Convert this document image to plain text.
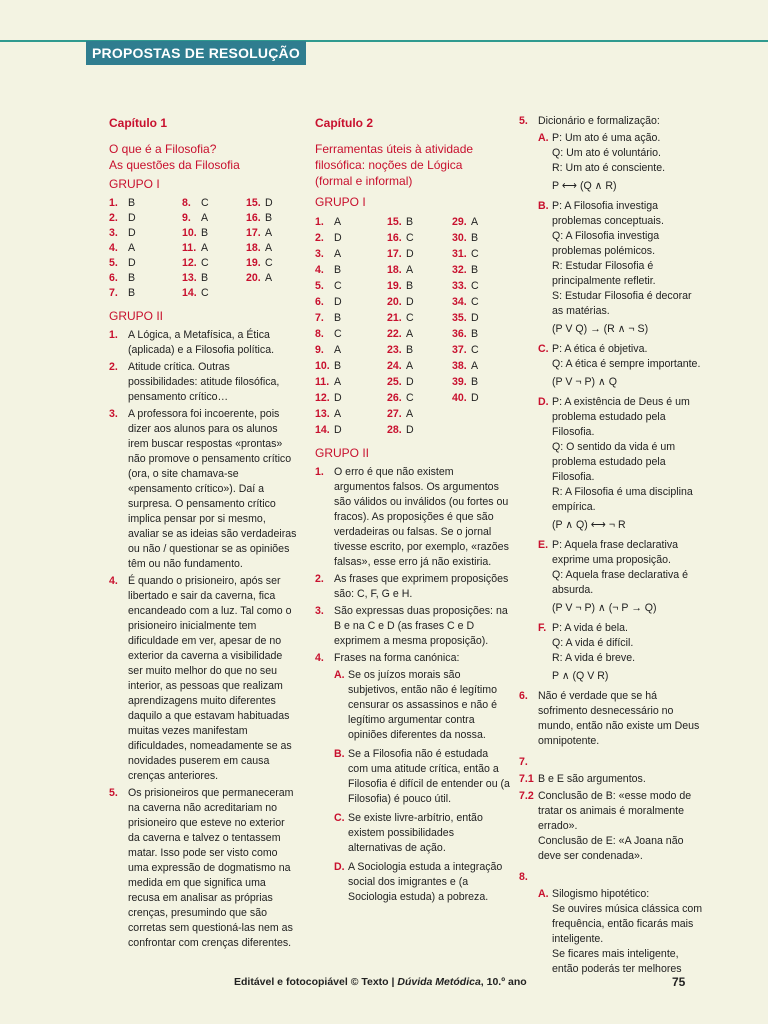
PROPOSTAS DE RESOLUÇÃO
Capítulo 1
O que é a Filosofia?
As questões da Filosofia
GRUPO I
1. B
2. D
3. D
4. A
5. D
6. B
7. B
8. C
9. A
10. B
11. A
12. C
13. B
14. C
15. D
16. B
17. A
18. A
19. C
20. A
GRUPO II
1. A Lógica, a Metafísica, a Ética (aplicada) e a Filosofia política.
2. Atitude crítica. Outras possibilidades: atitude filosófica, pensamento crítico…
3. A professora foi incoerente, pois dizer aos alunos para os alunos irem buscar respostas «prontas» não promove o pensamento crítico (ora, o site chamava-se «pensamento crítico»). Daí a surpresa. O pensamento crítico implica pensar por si mesmo, avaliar se as ideias são verdadeiras ou não / questionar se as opiniões têm ou não fundamento.
4. É quando o prisioneiro, após ser libertado e sair da caverna, fica encandeado com a luz. Tal como o prisioneiro inicialmente tem dificuldade em ver, apesar de no exterior da caverna a visibilidade ser muito melhor do que no seu interior, as pessoas que realizam aprendizagens muito diferentes daquilo a que estavam habituadas muitas vezes manifestam dificuldades, nomeadamente se as novidades puserem em causa crenças anteriores.
5. Os prisioneiros que permaneceram na caverna não acreditariam no prisioneiro que esteve no exterior da caverna e talvez o tentassem matar. Isso pode ser visto como uma expressão de dogmatismo na medida em que significa uma recusa em analisar as próprias crenças, presumindo que são corretas sem questioná-las nem as confrontar com crenças diferentes.
Capítulo 2
Ferramentas úteis à atividade filosófica: noções de Lógica (formal e informal)
GRUPO I
1. A
2. D
3. A
4. B
5. C
6. D
7. B
8. C
9. A
10. B
11. A
12. D
13. A
14. D
15. B
16. C
17. D
18. A
19. B
20. D
21. C
22. A
23. B
24. A
25. D
26. C
27. A
28. D
29. A
30. B
31. C
32. B
33. C
34. C
35. D
36. B
37. C
38. A
39. B
40. D
GRUPO II
1. O erro é que não existem argumentos falsos. Os argumentos são válidos ou inválidos (ou fortes ou fracos). As proposições é que são verdadeiras ou falsas. Se o jornal tivesse escrito, por exemplo, «razões falsas», esse erro já não existiria.
2. As frases que exprimem proposições são: C, F, G e H.
3. São expressas duas proposições: na B e na C e D (as frases C e D exprimem a mesma proposição).
4. Frases na forma canónica:
A. Se os juízos morais são subjetivos, então não é legítimo censurar os assassinos e não é legítimo argumentar contra opiniões diferentes da nossa.
B. Se a Filosofia não é estudada com uma atitude crítica, então a Filosofia é difícil de entender ou (a Filosofia) é pouco útil.
C. Se existe livre-arbítrio, então existem possibilidades alternativas de ação.
D. A Sociologia estuda a integração social dos imigrantes e (a Sociologia estuda) a pobreza.
5. Dicionário e formalização:
A. P: Um ato é uma ação.
Q: Um ato é voluntário.
R: Um ato é consciente.
P ⟷ (Q ∧ R)
B. P: A Filosofia investiga problemas conceptuais.
Q: A Filosofia investiga problemas polémicos.
R: Estudar Filosofia é principalmente refletir.
S: Estudar Filosofia é decorar as matérias.
(P V Q) → (R ∧ ¬ S)
C. P: A ética é objetiva.
Q: A ética é sempre importante.
(P V ¬ P) ∧ Q
D. P: A existência de Deus é um problema estudado pela Filosofia.
Q: O sentido da vida é um problema estudado pela Filosofia.
R: A Filosofia é uma disciplina empírica.
(P ∧ Q) ⟷ ¬ R
E. P: Aquela frase declarativa exprime uma proposição.
Q: Aquela frase declarativa é absurda.
(P V ¬ P) ∧ (¬ P → Q)
F. P: A vida é bela.
Q: A vida é difícil.
R: A vida é breve.
P ∧ (Q V R)
6. Não é verdade que se há sofrimento desnecessário no mundo, então não existe um Deus omnipotente.
7.

7.1 B e E são argumentos.
7.2 Conclusão de B: «esse modo de tratar os animais é moralmente errado».
Conclusão de E: «A Joana não deve ser condenada».
8.

A. Silogismo hipotético:
Se ouvires música clássica com frequência, então ficarás mais inteligente.
Se ficares mais inteligente, então poderás ter melhores
Editável e fotocopiável © Texto | Dúvida Metódica, 10.º ano	75
